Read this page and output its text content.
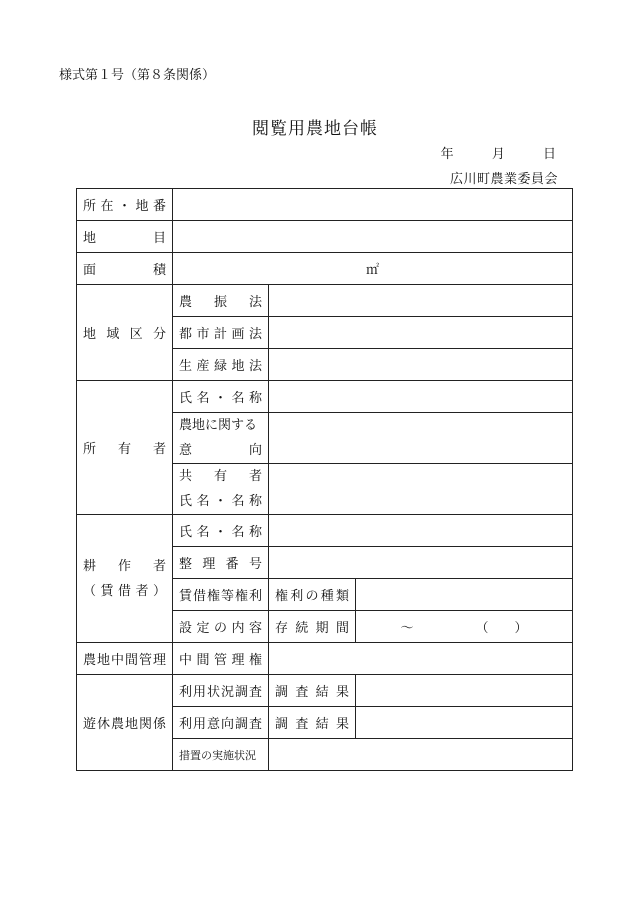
様式第１号（第８条関係）
閲覧用農地台帳
年	月	日
広川町農業委員会
所在・地番			
地　　目			
面　　積	㎡		
地域区分	農　振　法		
	都市計画法		
	生産緑地法		
所　有　者	氏名・名称		

	農地に関する
意 向		

	共　有　者
氏名・名称		

耕　作　者
（賃借者）	氏名・名称		
	整理番号		
	賃借権等権利	権利の種類	
	設定の内容	存続期間	～ （　　）
農地中間管理	中間管理権		
遊休農地関係	利用状況調査	調査結果	
	利用意向調査	調査結果	
	措置の実施状況		
